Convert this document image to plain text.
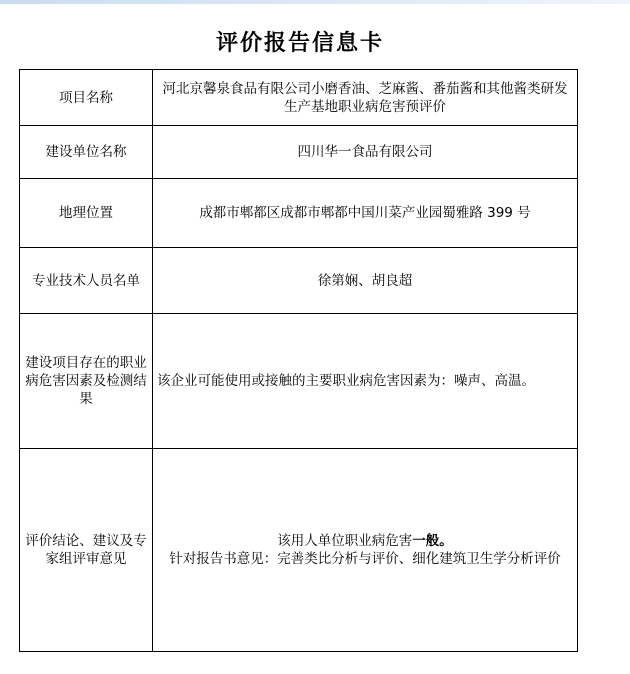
评价报告信息卡
项目名称	河北京馨泉食品有限公司小磨香油、芝麻酱、番茄酱和其他酱类研发生产基地职业病危害预评价
建设单位名称	四川华一食品有限公司
地理位置	成都市郫都区成都市郫都中国川菜产业园蜀雅路 399 号
专业技术人员名单	徐第娴、胡良超
建设项目存在的职业病危害因素及检测结果	该企业可能使用或接触的主要职业病危害因素为：噪声、高温。
评价结论、建议及专家组评审意见	该用人单位职业病危害一般。
针对报告书意见：完善类比分析与评价、细化建筑卫生学分析评价
